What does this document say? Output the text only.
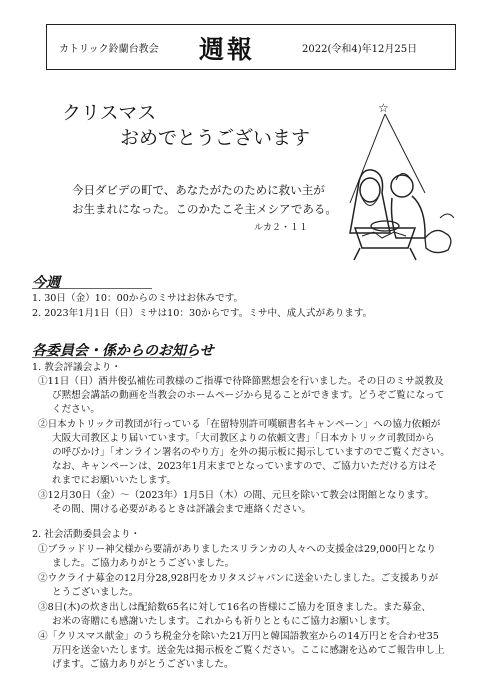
カトリック鈴蘭台教会 週報	2022(令和4)年12月25日
クリスマス
おめでとうございます
今日ダビデの町で、あなたがたのために救い主が
お生まれになった。このかたこそ主メシアである。
ルカ２・１１
☆
今週
1. 30日（金）10：00からのミサはお休みです。
2. 2023年1月1日（日）ミサは10：30からです。ミサ中、成人式があります。
各委員会・係からのお知らせ
1. 教会評議会より・
①11日（日）酒井俊弘補佐司教様のご指導で待降節黙想会を行いました。その日のミサ説教及
び黙想会講話の動画を当教会のホームページから見ることができます。どうぞご覧になって
ください。
②日本カトリック司教団が行っている「在留特別許可嘆願書名キャンペーン」への協力依頼が
大阪大司教区より届いています。「大司教区よりの依頼文書」「日本カトリック司教団から
の呼びかけ」「オンライン署名のやり方」を外の掲示板に掲示していますのでご覧ください。
なお、キャンペーンは、2023年1月末までとなっていますので、ご協力いただける方はそ
れまでにお願いいたします。
③12月30日（金）〜（2023年）1月5日（木）の間、元旦を除いて教会は閉館となります。
その間、開ける必要があるときは評議会まで連絡ください。
2. 社会活動委員会より・
①ブラッドリー神父様から要請がありましたスリランカの人々への支援金は29,000円となり
ました。ご協力ありがとうございました。
②ウクライナ募金の12月分28,928円をカリタスジャパンに送金いたしました。ご支援ありが
とうございました。
③8日(木)の炊き出しは配給数65名に対して16名の皆様にご協力を頂きました。また募金、
お米の寄贈にも感謝いたします。これからも祈りとともにご協力お願いします。
④「クリスマス献金」のうち税金分を除いた21万円と韓国語教室からの14万円とを合わせ35
万円を送金いたします。送金先は掲示板をご覧ください。ここに感謝を込めてご報告申し上
げます。ご協力ありがとうございました。
